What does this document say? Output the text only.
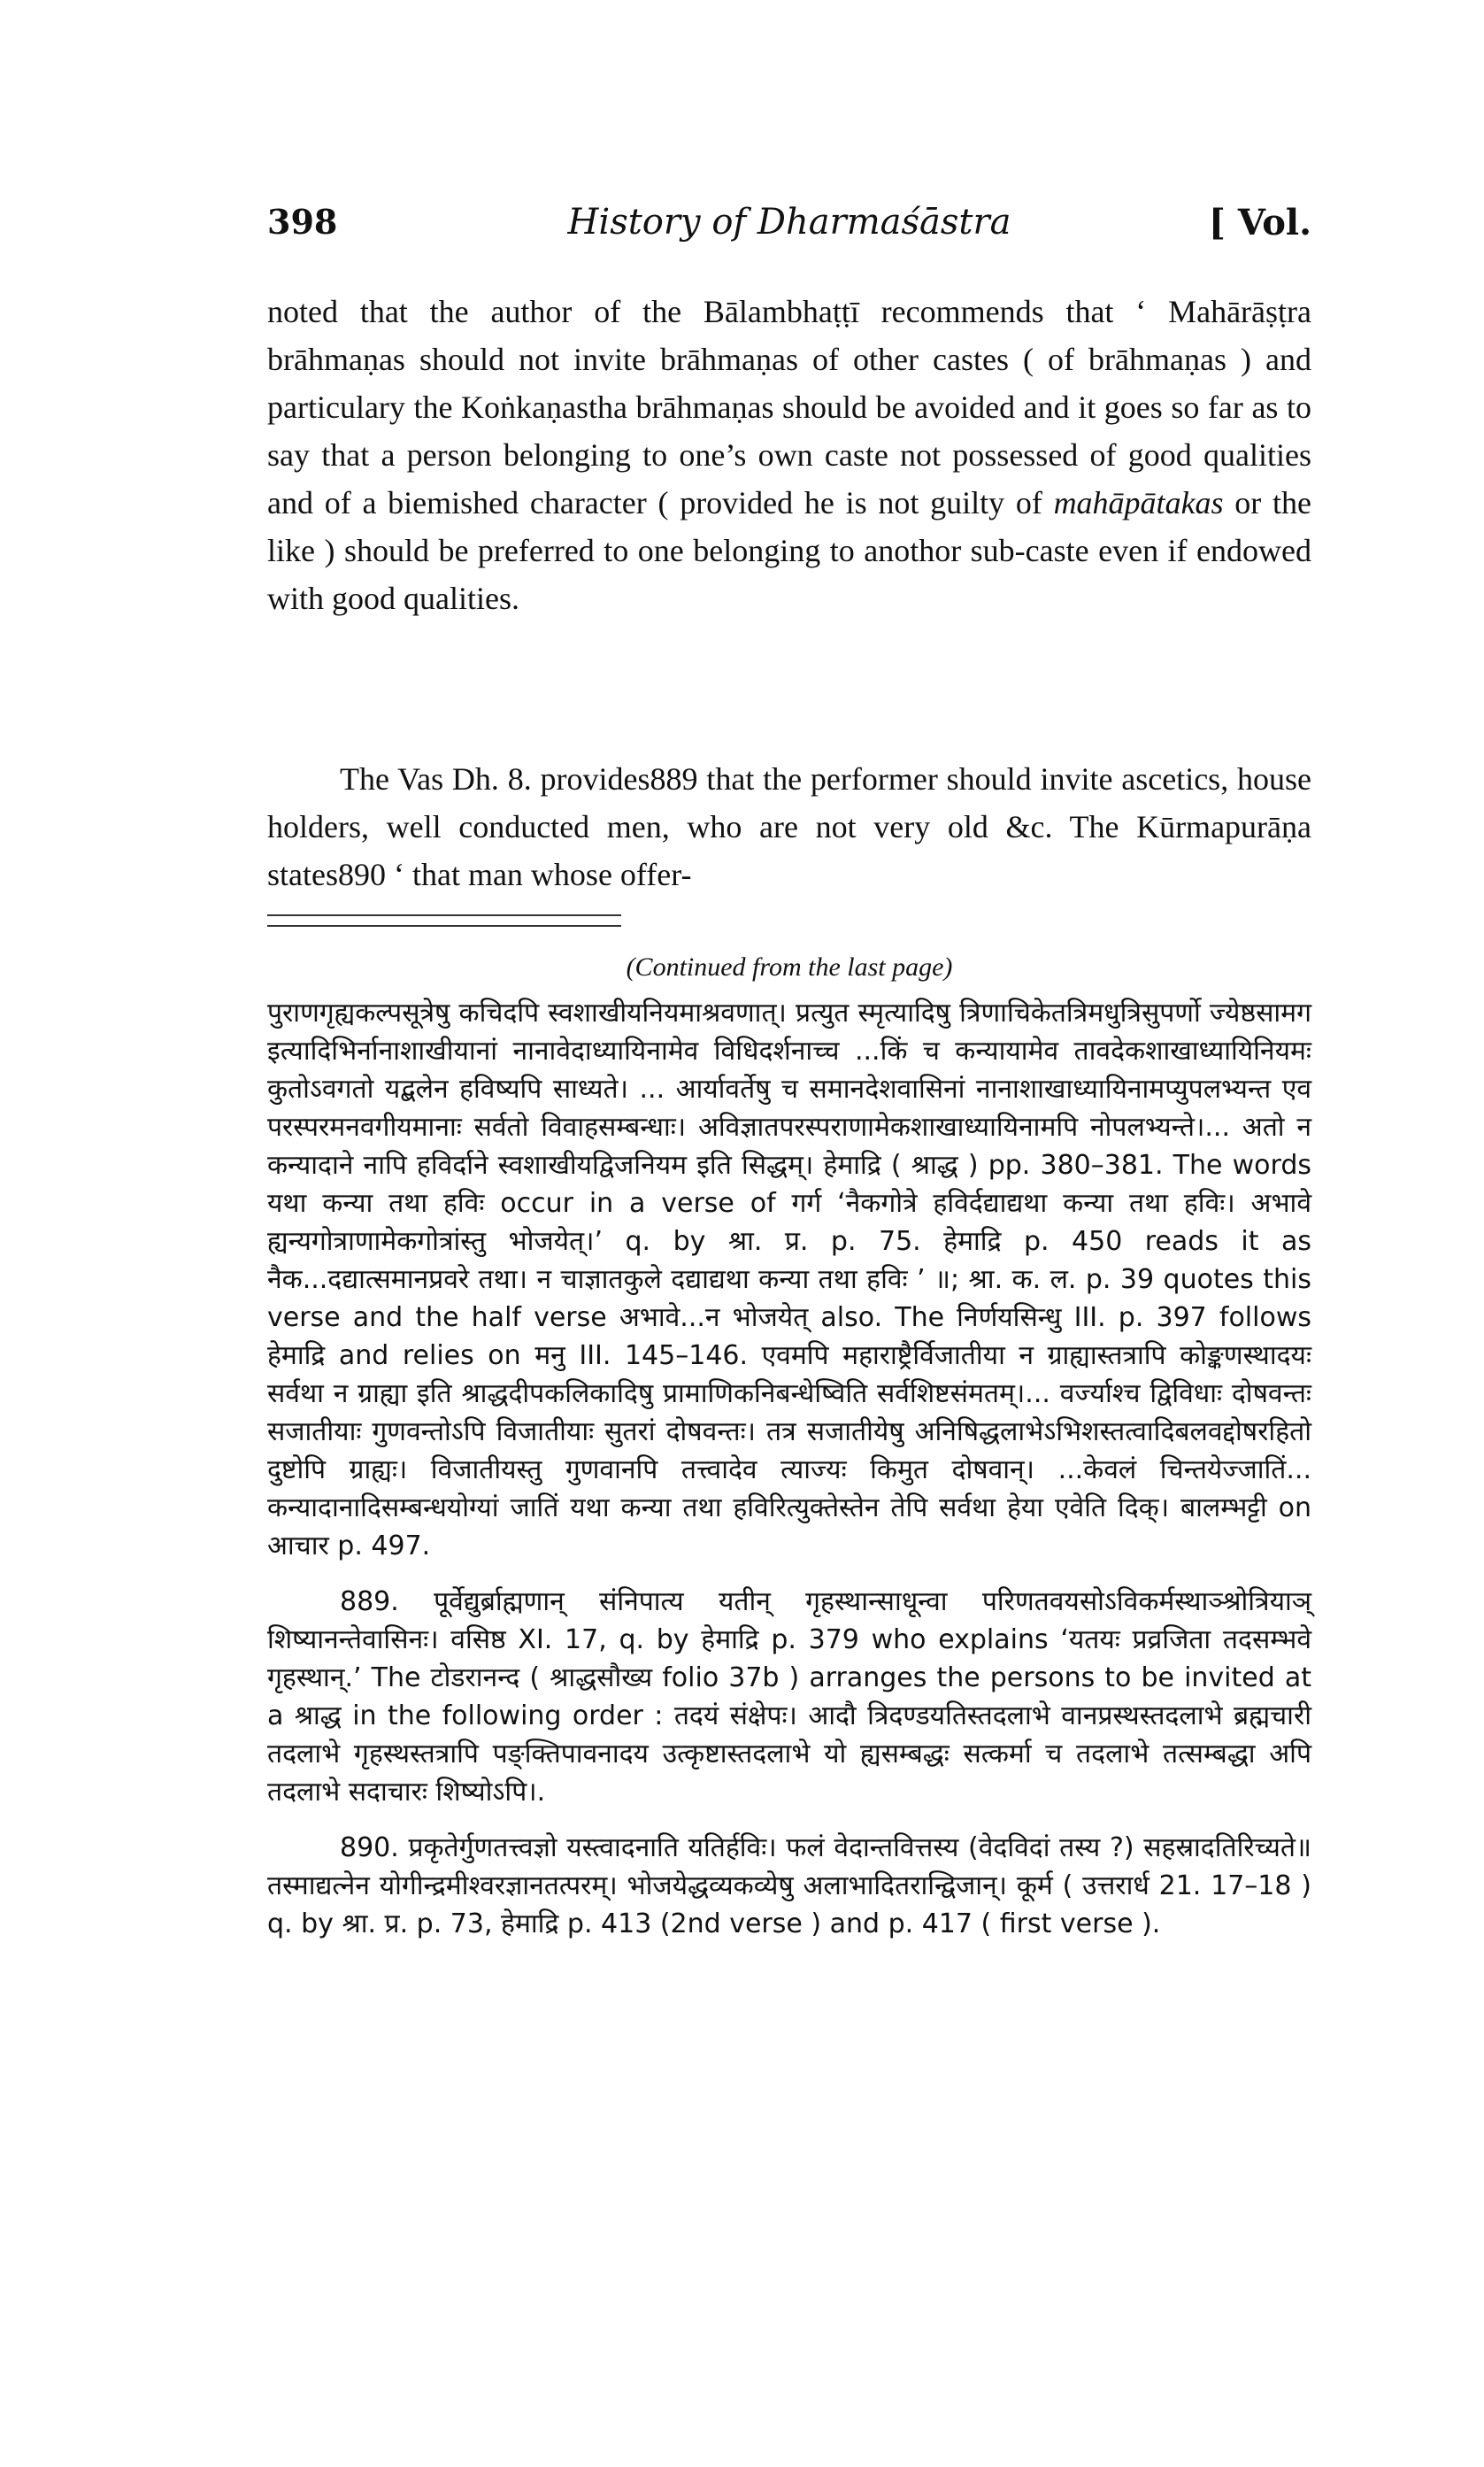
398	History of Dharmaśāstra	[ Vol.

noted that the author of the Bālambhaṭṭī recommends that ‘ Mahārāṣṭra brāhmaṇas should not invite brāhmaṇas of other castes ( of brāhmaṇas ) and particulary the Koṅkaṇastha brāhmaṇas should be avoided and it goes so far as to say that a person belonging to one’s own caste not possessed of good qualities and of a biemished character ( provided he is not guilty of mahāpātakas or the like ) should be preferred to one belonging to anothor sub-caste even if endowed with good qualities.

The Vas Dh. 8. provides889 that the performer should invite ascetics, house holders, well conducted men, who are not very old &c. The Kūrmapurāṇa states890 ‘ that man whose offer-

(Continued from the last page)

पुराणगृह्यकल्पसूत्रेषु कचिदपि स्वशाखीयनियमाश्रवणात्। प्रत्युत स्मृत्यादिषु त्रिणाचिकेतत्रिमधुत्रिसुपर्णो ज्येष्ठसामग इत्यादिभिर्नानाशाखीयानां नानावेदाध्यायिनामेव विधिदर्शनाच्च ...किं च कन्यायामेव तावदेकशाखाध्यायिनियमः कुतोऽवगतो यद्बलेन हविष्यपि साध्यते। ... आर्यावर्तेषु च समानदेशवासिनां नानाशाखाध्यायिनामप्युपलभ्यन्त एव परस्परमनवगीयमानाः सर्वतो विवाहसम्बन्धाः। अविज्ञातपरस्पराणामेकशाखाध्यायिनामपि नोपलभ्यन्ते।... अतो न कन्यादाने नापि हविर्दाने स्वशाखीयद्विजनियम इति सिद्धम्। हेमाद्रि ( श्राद्ध ) pp. 380–381. The words यथा कन्या तथा हविः occur in a verse of गर्ग ‘नैकगोत्रे हविर्दद्याद्यथा कन्या तथा हविः। अभावे ह्यन्यगोत्राणामेकगोत्रांस्तु भोजयेत्।’ q. by श्रा. प्र. p. 75. हेमाद्रि p. 450 reads it as नैक...दद्यात्समानप्रवरे तथा। न चाज्ञातकुले दद्याद्यथा कन्या तथा हविः ’ ॥; श्रा. क. ल. p. 39 quotes this verse and the half verse अभावे...न भोजयेत् also. The निर्णयसिन्धु III. p. 397 follows हेमाद्रि and relies on मनु III. 145–146. एवमपि महाराष्ट्रैर्विजातीया न ग्राह्यास्तत्रापि कोङ्कणस्थादयः सर्वथा न ग्राह्या इति श्राद्धदीपकलिकादिषु प्रामाणिकनिबन्धेष्विति सर्वशिष्टसंमतम्।... वर्ज्याश्च द्विविधाः दोषवन्तः सजातीयाः गुणवन्तोऽपि विजातीयाः सुतरां दोषवन्तः। तत्र सजातीयेषु अनिषिद्धलाभेऽभिशस्तत्वादिबलवद्दोषरहितो दुष्टोपि ग्राह्यः। विजातीयस्तु गुणवानपि तत्त्वादेव त्याज्यः किमुत दोषवान्। ...केवलं चिन्तयेज्जातिं... कन्यादानादिसम्बन्धयोग्यां जातिं यथा कन्या तथा हविरित्युक्तेस्तेन तेपि सर्वथा हेया एवेति दिक्। बालम्भट्टी on आचार p. 497.

889. पूर्वेद्युर्ब्राह्मणान् संनिपात्य यतीन् गृहस्थान्साधून्वा परिणतवयसोऽविकर्मस्थाञ्श्रोत्रियाञ् शिष्यानन्तेवासिनः। वसिष्ठ XI. 17, q. by हेमाद्रि p. 379 who explains ‘यतयः प्रव्रजिता तदसम्भवे गृहस्थान्.’ The टोडरानन्द ( श्राद्धसौख्य folio 37b ) arranges the persons to be invited at a श्राद्ध in the following order : तदयं संक्षेपः। आदौ त्रिदण्डयतिस्तदलाभे वानप्रस्थस्तदलाभे ब्रह्मचारी तदलाभे गृहस्थस्तत्रापि पङ्क्तिपावनादय उत्कृष्टास्तदलाभे यो ह्यसम्बद्धः सत्कर्मा च तदलाभे तत्सम्बद्धा अपि तदलाभे सदाचारः शिष्योऽपि।.

890. प्रकृतेर्गुणतत्त्वज्ञो यस्त्वादनाति यतिर्हविः। फलं वेदान्तवित्तस्य (वेदविदां तस्य ?) सहस्रादतिरिच्यते॥ तस्माद्यत्नेन योगीन्द्रमीश्वरज्ञानतत्परम्। भोजयेद्धव्यकव्येषु अलाभादितरान्द्विजान्। कूर्म ( उत्तरार्ध 21. 17–18 ) q. by श्रा. प्र. p. 73, हेमाद्रि p. 413 (2nd verse ) and p. 417 ( first verse ).
